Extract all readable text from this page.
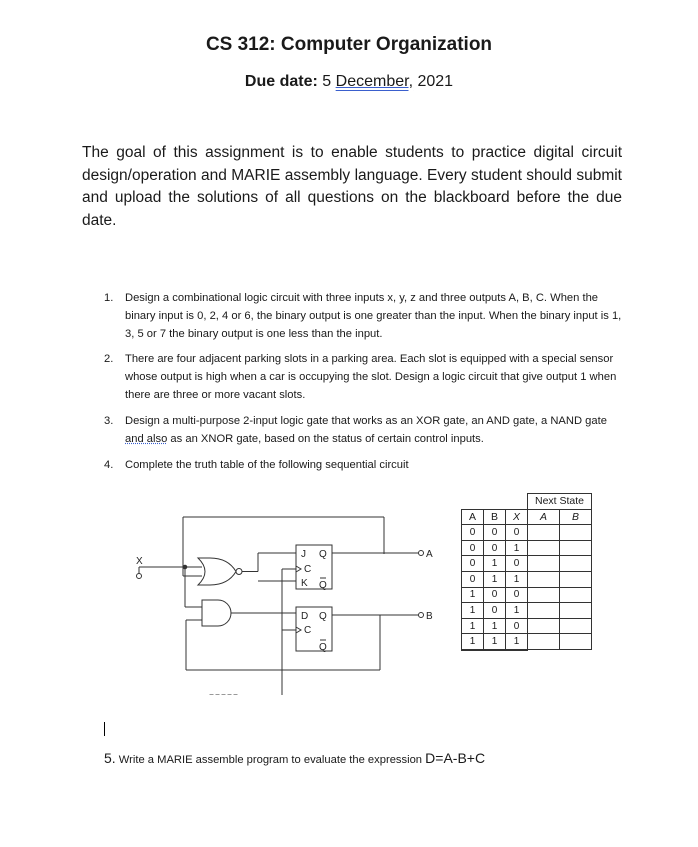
CS 312: Computer Organization
Due date: 5 December, 2021
The goal of this assignment is to enable students to practice digital circuit design/operation and MARIE assembly language. Every student should submit and upload the solutions of all questions on the blackboard before the due date.
1. Design a combinational logic circuit with three inputs x, y, z and three outputs A, B, C. When the binary input is 0, 2, 4 or 6, the binary output is one greater than the input. When the binary input is 1, 3, 5 or 7 the binary output is one less than the input.
2. There are four adjacent parking slots in a parking area. Each slot is equipped with a special sensor whose output is high when a car is occupying the slot. Design a logic circuit that give output 1 when there are three or more vacant slots.
3. Design a multi-purpose 2-input logic gate that works as an XOR gate, an AND gate, a NAND gate and also as an XNOR gate, based on the status of certain control inputs.
4. Complete the truth table of the following sequential circuit
X
J Q
C
K Q
D Q
C
Q
A
B
			Next State	
A	B	X	A	B
0	0	0		
0	0	1		
0	1	0		
0	1	1		
1	0	0		
1	0	1		
1	1	0		
1	1	1		
5. Write a MARIE assemble program to evaluate the expression D=A-B+C
